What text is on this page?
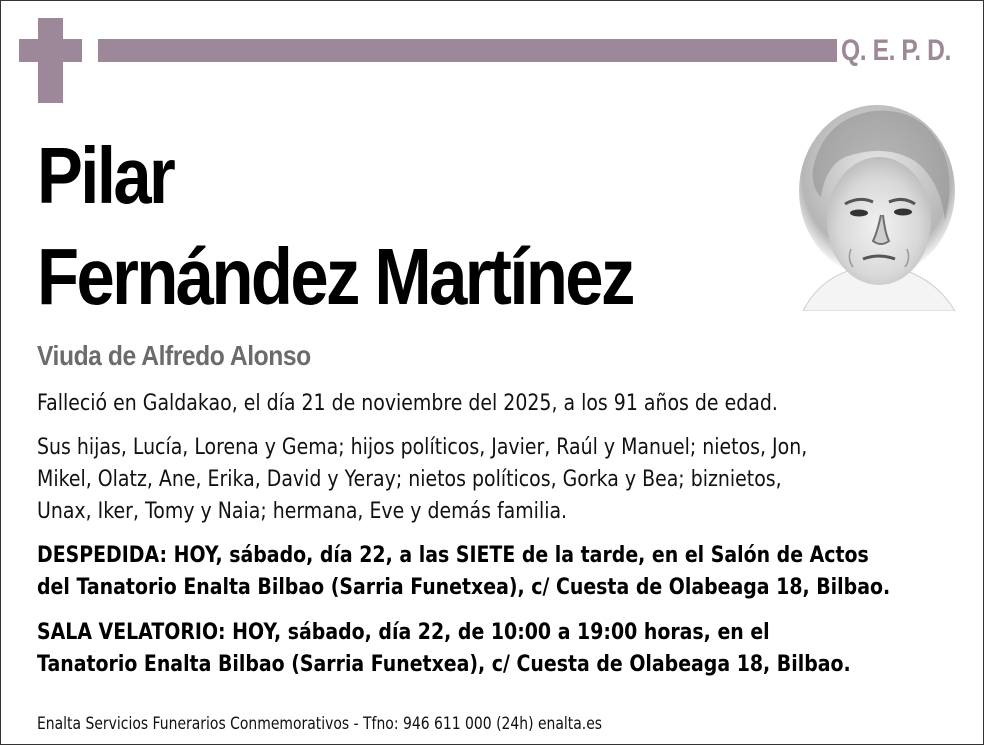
Q. E. P. D.
Pilar
Fernández Martínez
Viuda de Alfredo Alonso
Falleció en Galdakao, el día 21 de noviembre del 2025, a los 91 años de edad.
Sus hijas, Lucía, Lorena y Gema; hijos políticos, Javier, Raúl y Manuel; nietos, Jon,
Mikel, Olatz, Ane, Erika, David y Yeray; nietos políticos, Gorka y Bea; biznietos,
Unax, Iker, Tomy y Naia; hermana, Eve y demás familia.
DESPEDIDA: HOY, sábado, día 22, a las SIETE de la tarde, en el Salón de Actos
del Tanatorio Enalta Bilbao (Sarria Funetxea), c/ Cuesta de Olabeaga 18, Bilbao.
SALA VELATORIO: HOY, sábado, día 22, de 10:00 a 19:00 horas, en el
Tanatorio Enalta Bilbao (Sarria Funetxea), c/ Cuesta de Olabeaga 18, Bilbao.
Enalta Servicios Funerarios Conmemorativos - Tfno: 946 611 000 (24h) enalta.es
